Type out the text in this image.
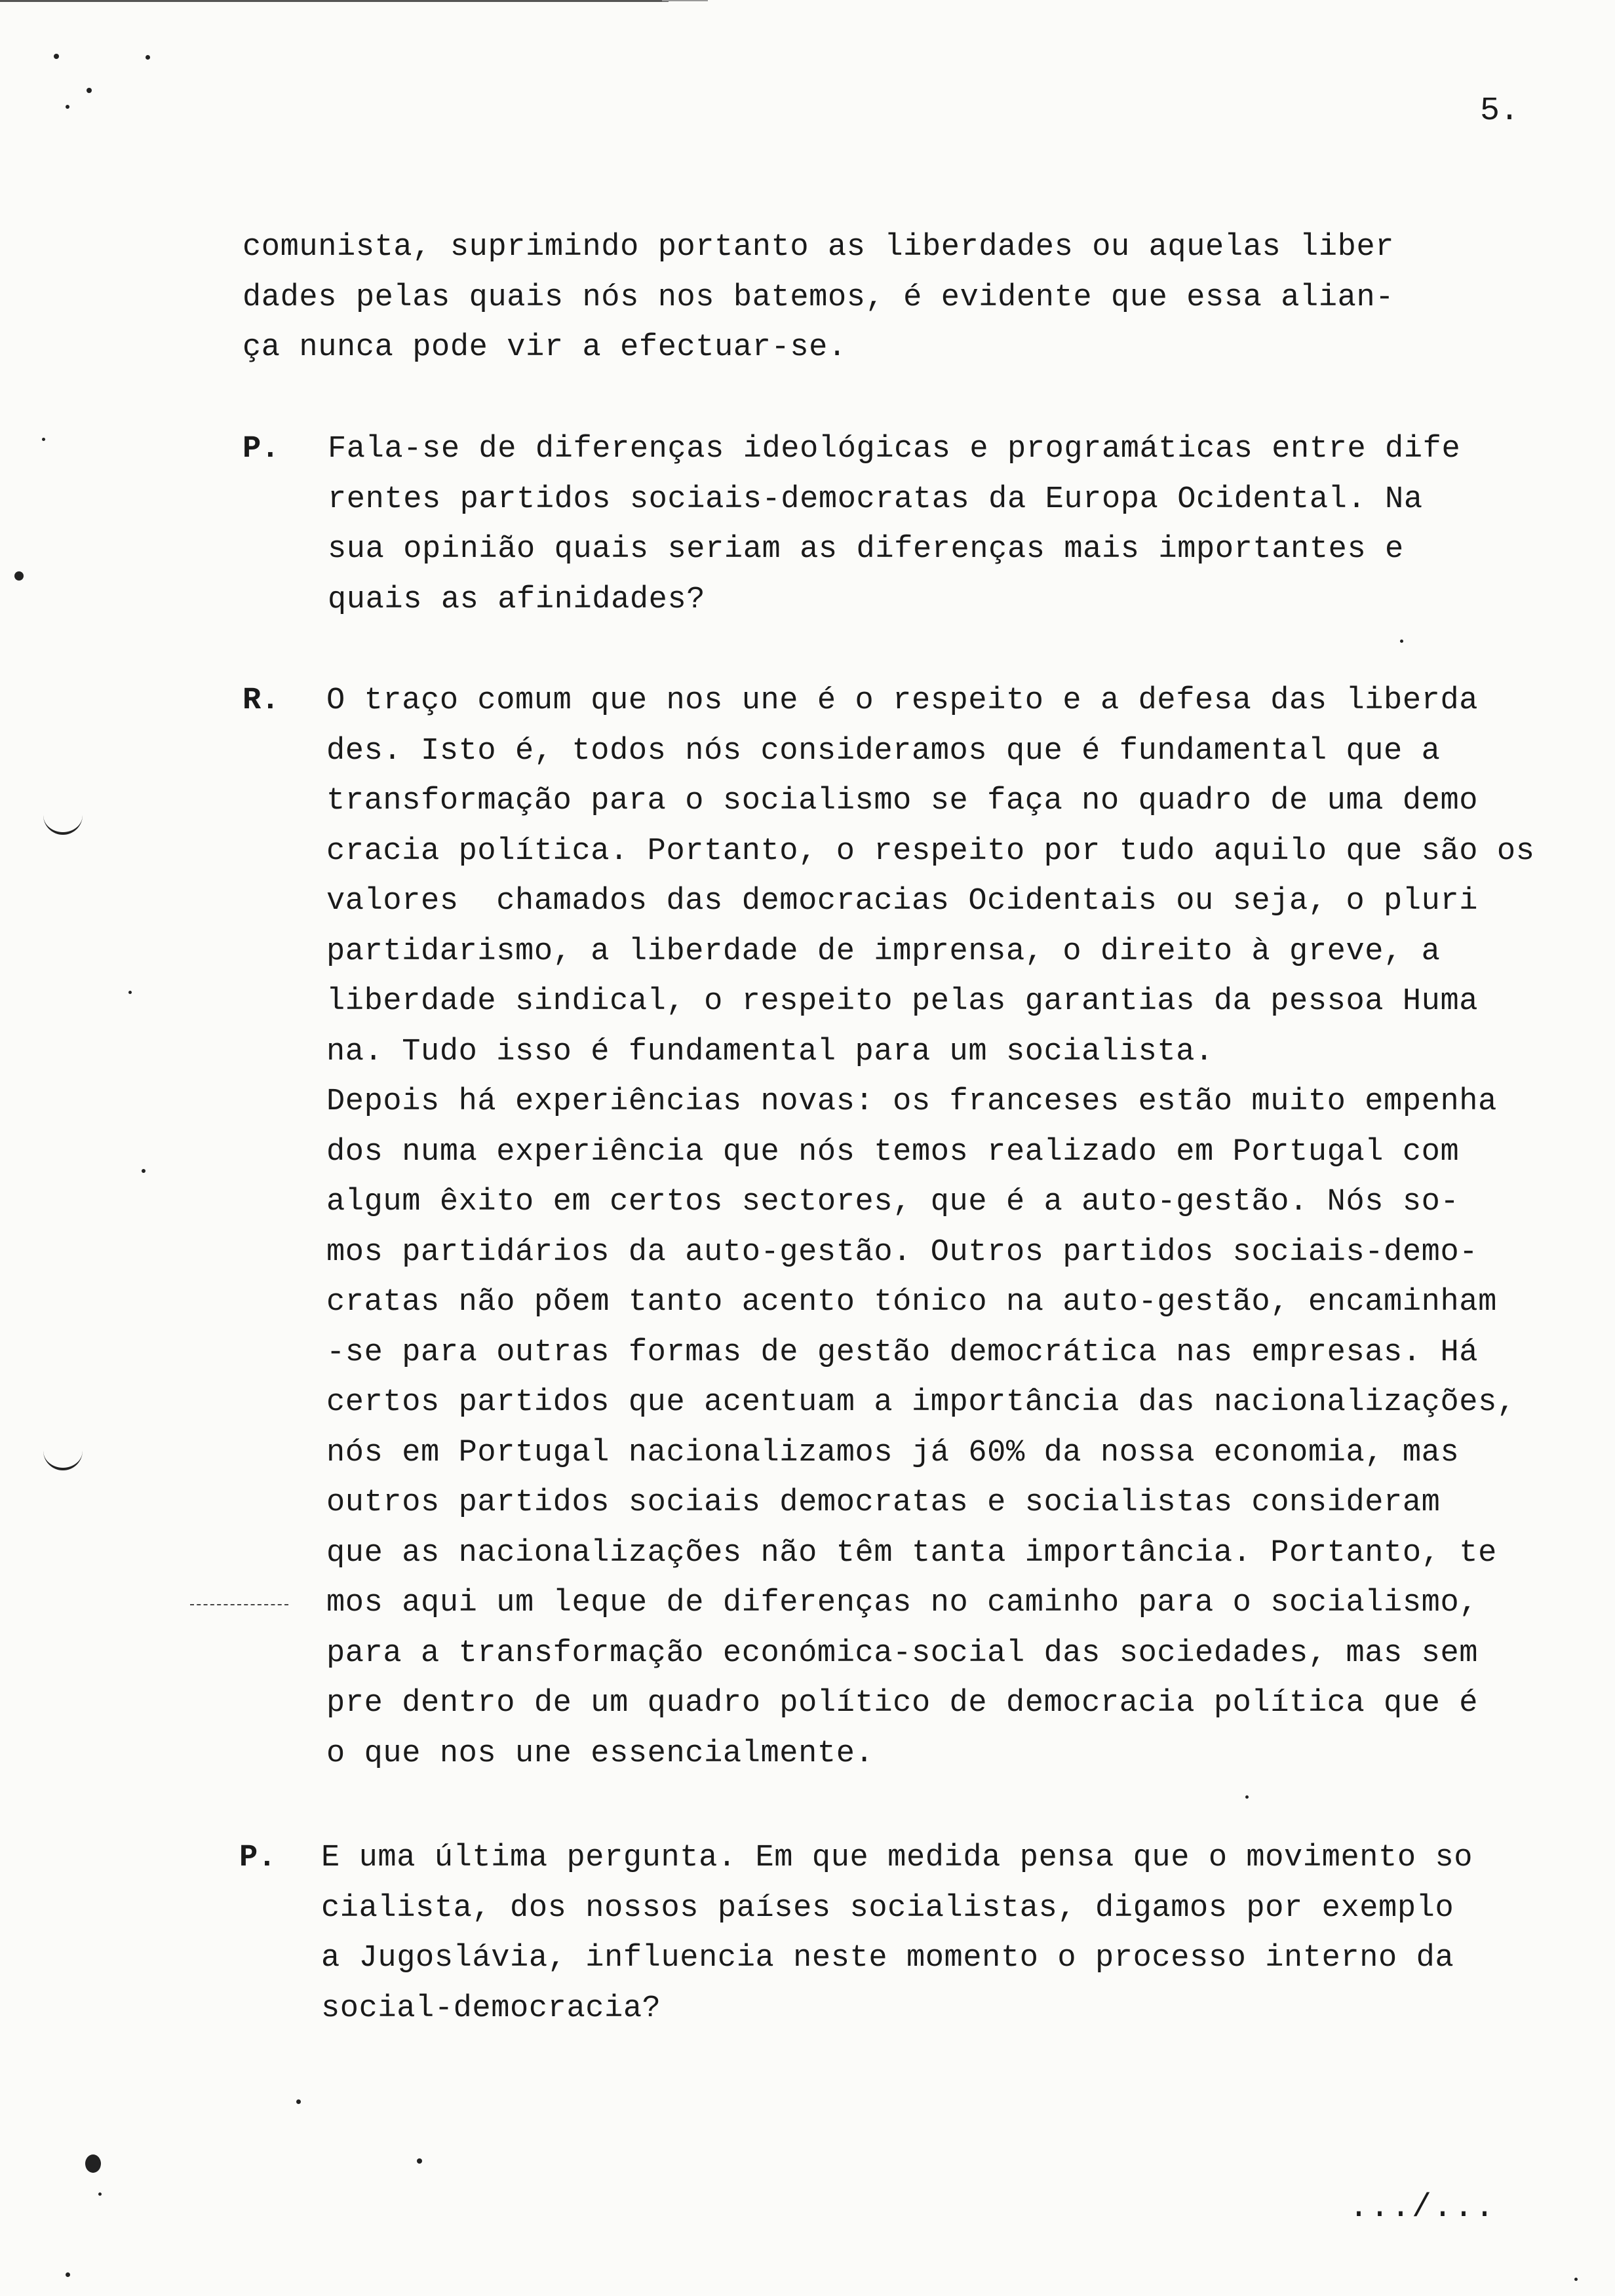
5.
comunista, suprimindo portanto as liberdades ou aquelas liber
dades pelas quais nós nos batemos, é evidente que essa alian-
ça nunca pode vir a efectuar-se.
P. Fala-se de diferenças ideológicas e programáticas entre dife
rentes partidos sociais-democratas da Europa Ocidental. Na
sua opinião quais seriam as diferenças mais importantes e
quais as afinidades?
R. O traço comum que nos une é o respeito e a defesa das liberda
des. Isto é, todos nós consideramos que é fundamental que a
transformação para o socialismo se faça no quadro de uma demo
cracia política. Portanto, o respeito por tudo aquilo que são os
valores  chamados das democracias Ocidentais ou seja, o pluri
partidarismo, a liberdade de imprensa, o direito à greve, a
liberdade sindical, o respeito pelas garantias da pessoa Huma
na. Tudo isso é fundamental para um socialista.
Depois há experiências novas: os franceses estão muito empenha
dos numa experiência que nós temos realizado em Portugal com
algum êxito em certos sectores, que é a auto-gestão. Nós so-
mos partidários da auto-gestão. Outros partidos sociais-demo-
cratas não põem tanto acento tónico na auto-gestão, encaminham
-se para outras formas de gestão democrática nas empresas. Há
certos partidos que acentuam a importância das nacionalizações,
nós em Portugal nacionalizamos já 60% da nossa economia, mas
outros partidos sociais democratas e socialistas consideram
que as nacionalizações não têm tanta importância. Portanto, te
mos aqui um leque de diferenças no caminho para o socialismo,
para a transformação económica-social das sociedades, mas sem
pre dentro de um quadro político de democracia política que é
o que nos une essencialmente.
P. E uma última pergunta. Em que medida pensa que o movimento so
cialista, dos nossos países socialistas, digamos por exemplo
a Jugoslávia, influencia neste momento o processo interno da
social-democracia?
.../...
